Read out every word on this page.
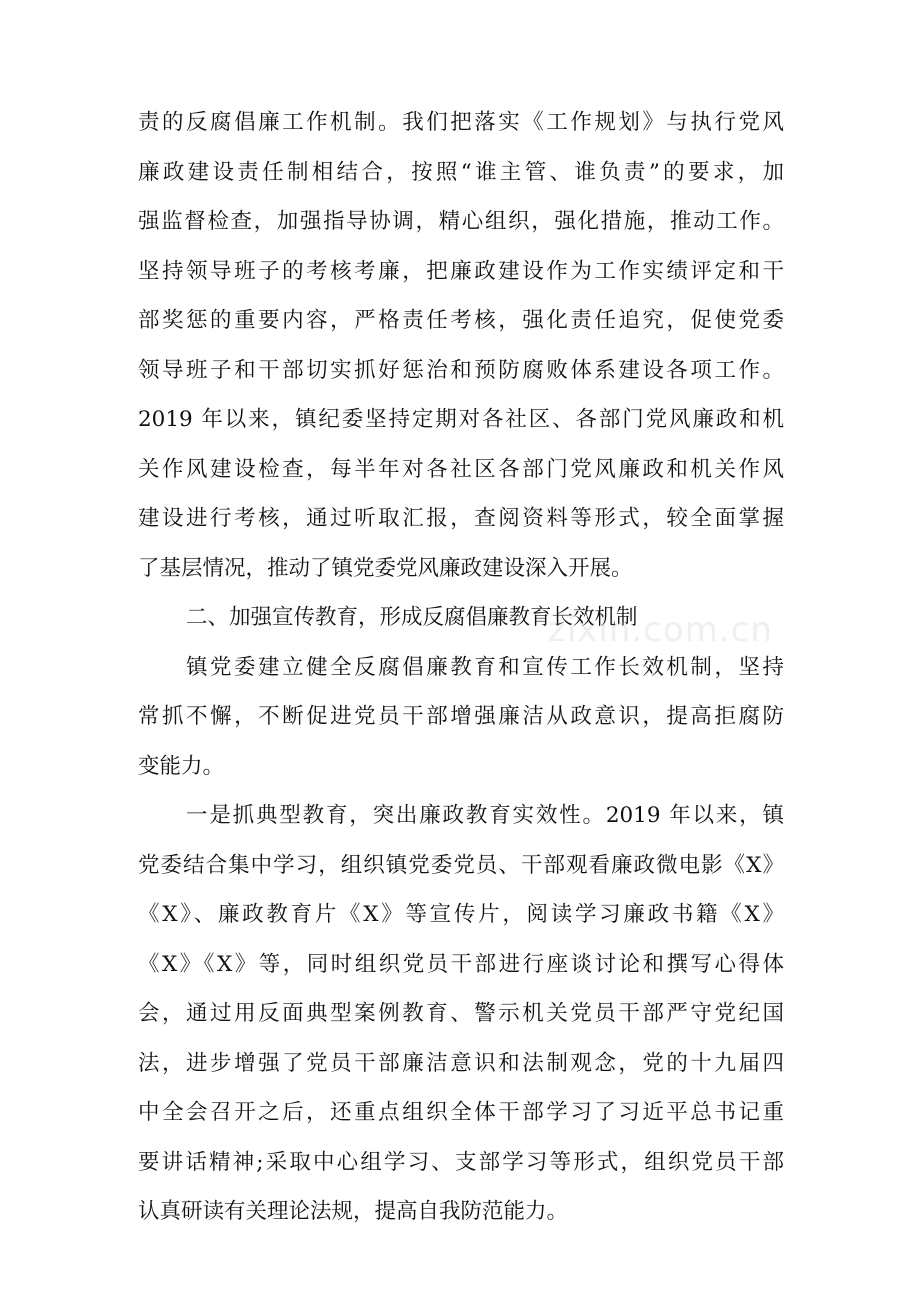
责的反腐倡廉工作机制。我们把落实《工作规划》与执行党风
廉政建设责任制相结合，按照“谁主管、谁负责”的要求，加
强监督检查，加强指导协调，精心组织，强化措施，推动工作。
坚持领导班子的考核考廉，把廉政建设作为工作实绩评定和干
部奖惩的重要内容，严格责任考核，强化责任追究，促使党委
领导班子和干部切实抓好惩治和预防腐败体系建设各项工作。
2019 年以来，镇纪委坚持定期对各社区、各部门党风廉政和机
关作风建设检查，每半年对各社区各部门党风廉政和机关作风
建设进行考核，通过听取汇报，查阅资料等形式，较全面掌握
了基层情况，推动了镇党委党风廉政建设深入开展。
二、加强宣传教育，形成反腐倡廉教育长效机制
镇党委建立健全反腐倡廉教育和宣传工作长效机制，坚持
常抓不懈，不断促进党员干部增强廉洁从政意识，提高拒腐防
变能力。
一是抓典型教育，突出廉政教育实效性。2019 年以来，镇
党委结合集中学习，组织镇党委党员、干部观看廉政微电影《X》
《X》、廉政教育片《X》等宣传片，阅读学习廉政书籍《X》
《X》《X》等，同时组织党员干部进行座谈讨论和撰写心得体
会，通过用反面典型案例教育、警示机关党员干部严守党纪国
法，进步增强了党员干部廉洁意识和法制观念，党的十九届四
中全会召开之后，还重点组织全体干部学习了习近平总书记重
要讲话精神;采取中心组学习、支部学习等形式，组织党员干部
认真研读有关理论法规，提高自我防范能力。
zixin.com.cn
